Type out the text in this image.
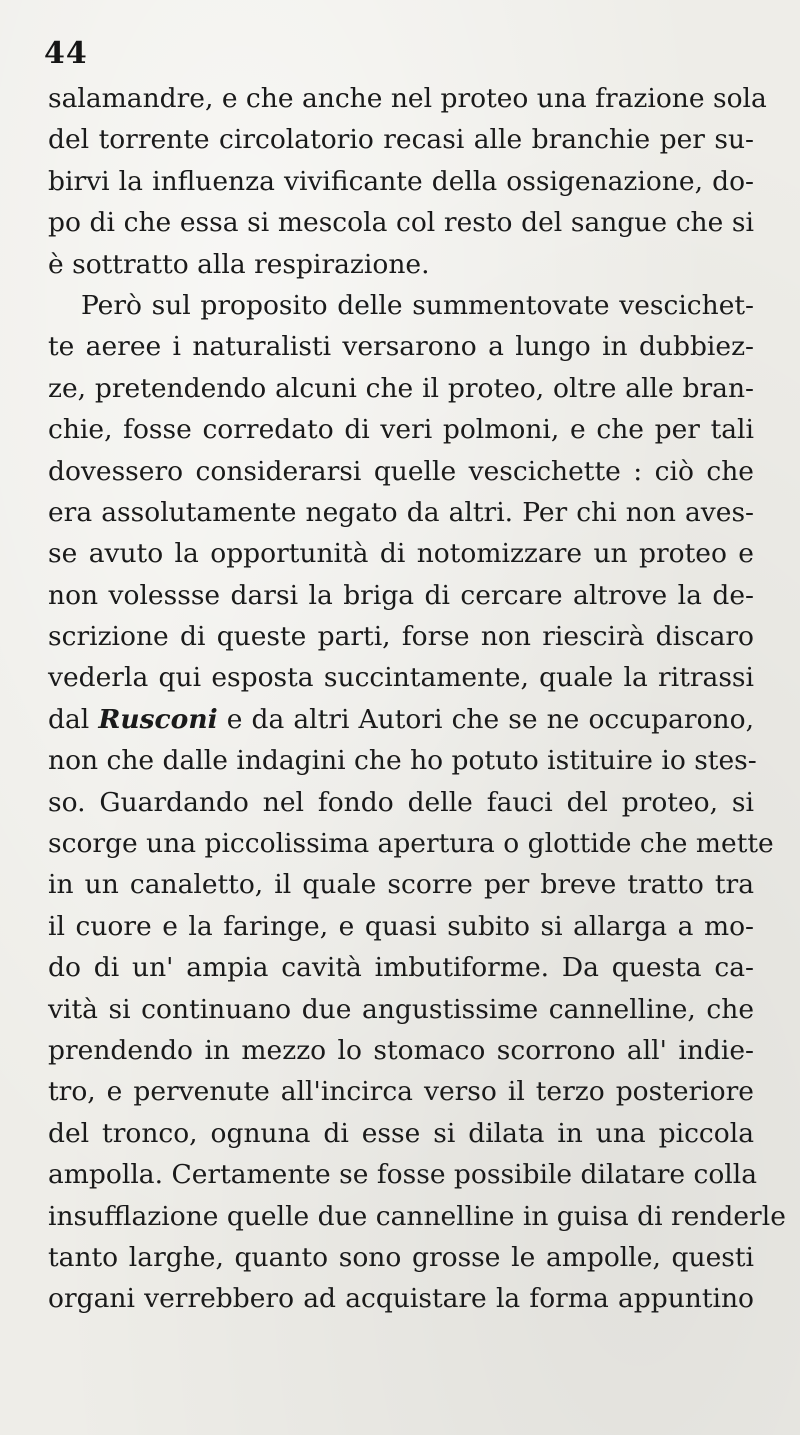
44
salamandre, e che anche nel proteo una frazione sola
del torrente circolatorio recasi alle branchie per su-
birvi la influenza vivificante della ossigenazione, do-
po di che essa si mescola col resto del sangue che si
è sottratto alla respirazione.
Però sul proposito delle summentovate vescichet-
te aeree i naturalisti versarono a lungo in dubbiez-
ze, pretendendo alcuni che il proteo, oltre alle bran-
chie, fosse corredato di veri polmoni, e che per tali
dovessero considerarsi quelle vescichette : ciò che
era assolutamente negato da altri. Per chi non aves-
se avuto la opportunità di notomizzare un proteo e
non volessse darsi la briga di cercare altrove la de-
scrizione di queste parti, forse non riescirà discaro
vederla qui esposta succintamente, quale la ritrassi
dal Rusconi e da altri Autori che se ne occuparono,
non che dalle indagini che ho potuto istituire io stes-
so. Guardando nel fondo delle fauci del proteo, si
scorge una piccolissima apertura o glottide che mette
in un canaletto, il quale scorre per breve tratto tra
il cuore e la faringe, e quasi subito si allarga a mo-
do di un' ampia cavità imbutiforme. Da questa ca-
vità si continuano due angustissime cannelline, che
prendendo in mezzo lo stomaco scorrono all' indie-
tro, e pervenute all'incirca verso il terzo posteriore
del tronco, ognuna di esse si dilata in una piccola
ampolla. Certamente se fosse possibile dilatare colla
insufflazione quelle due cannelline in guisa di renderle
tanto larghe, quanto sono grosse le ampolle, questi
organi verrebbero ad acquistare la forma appuntino
